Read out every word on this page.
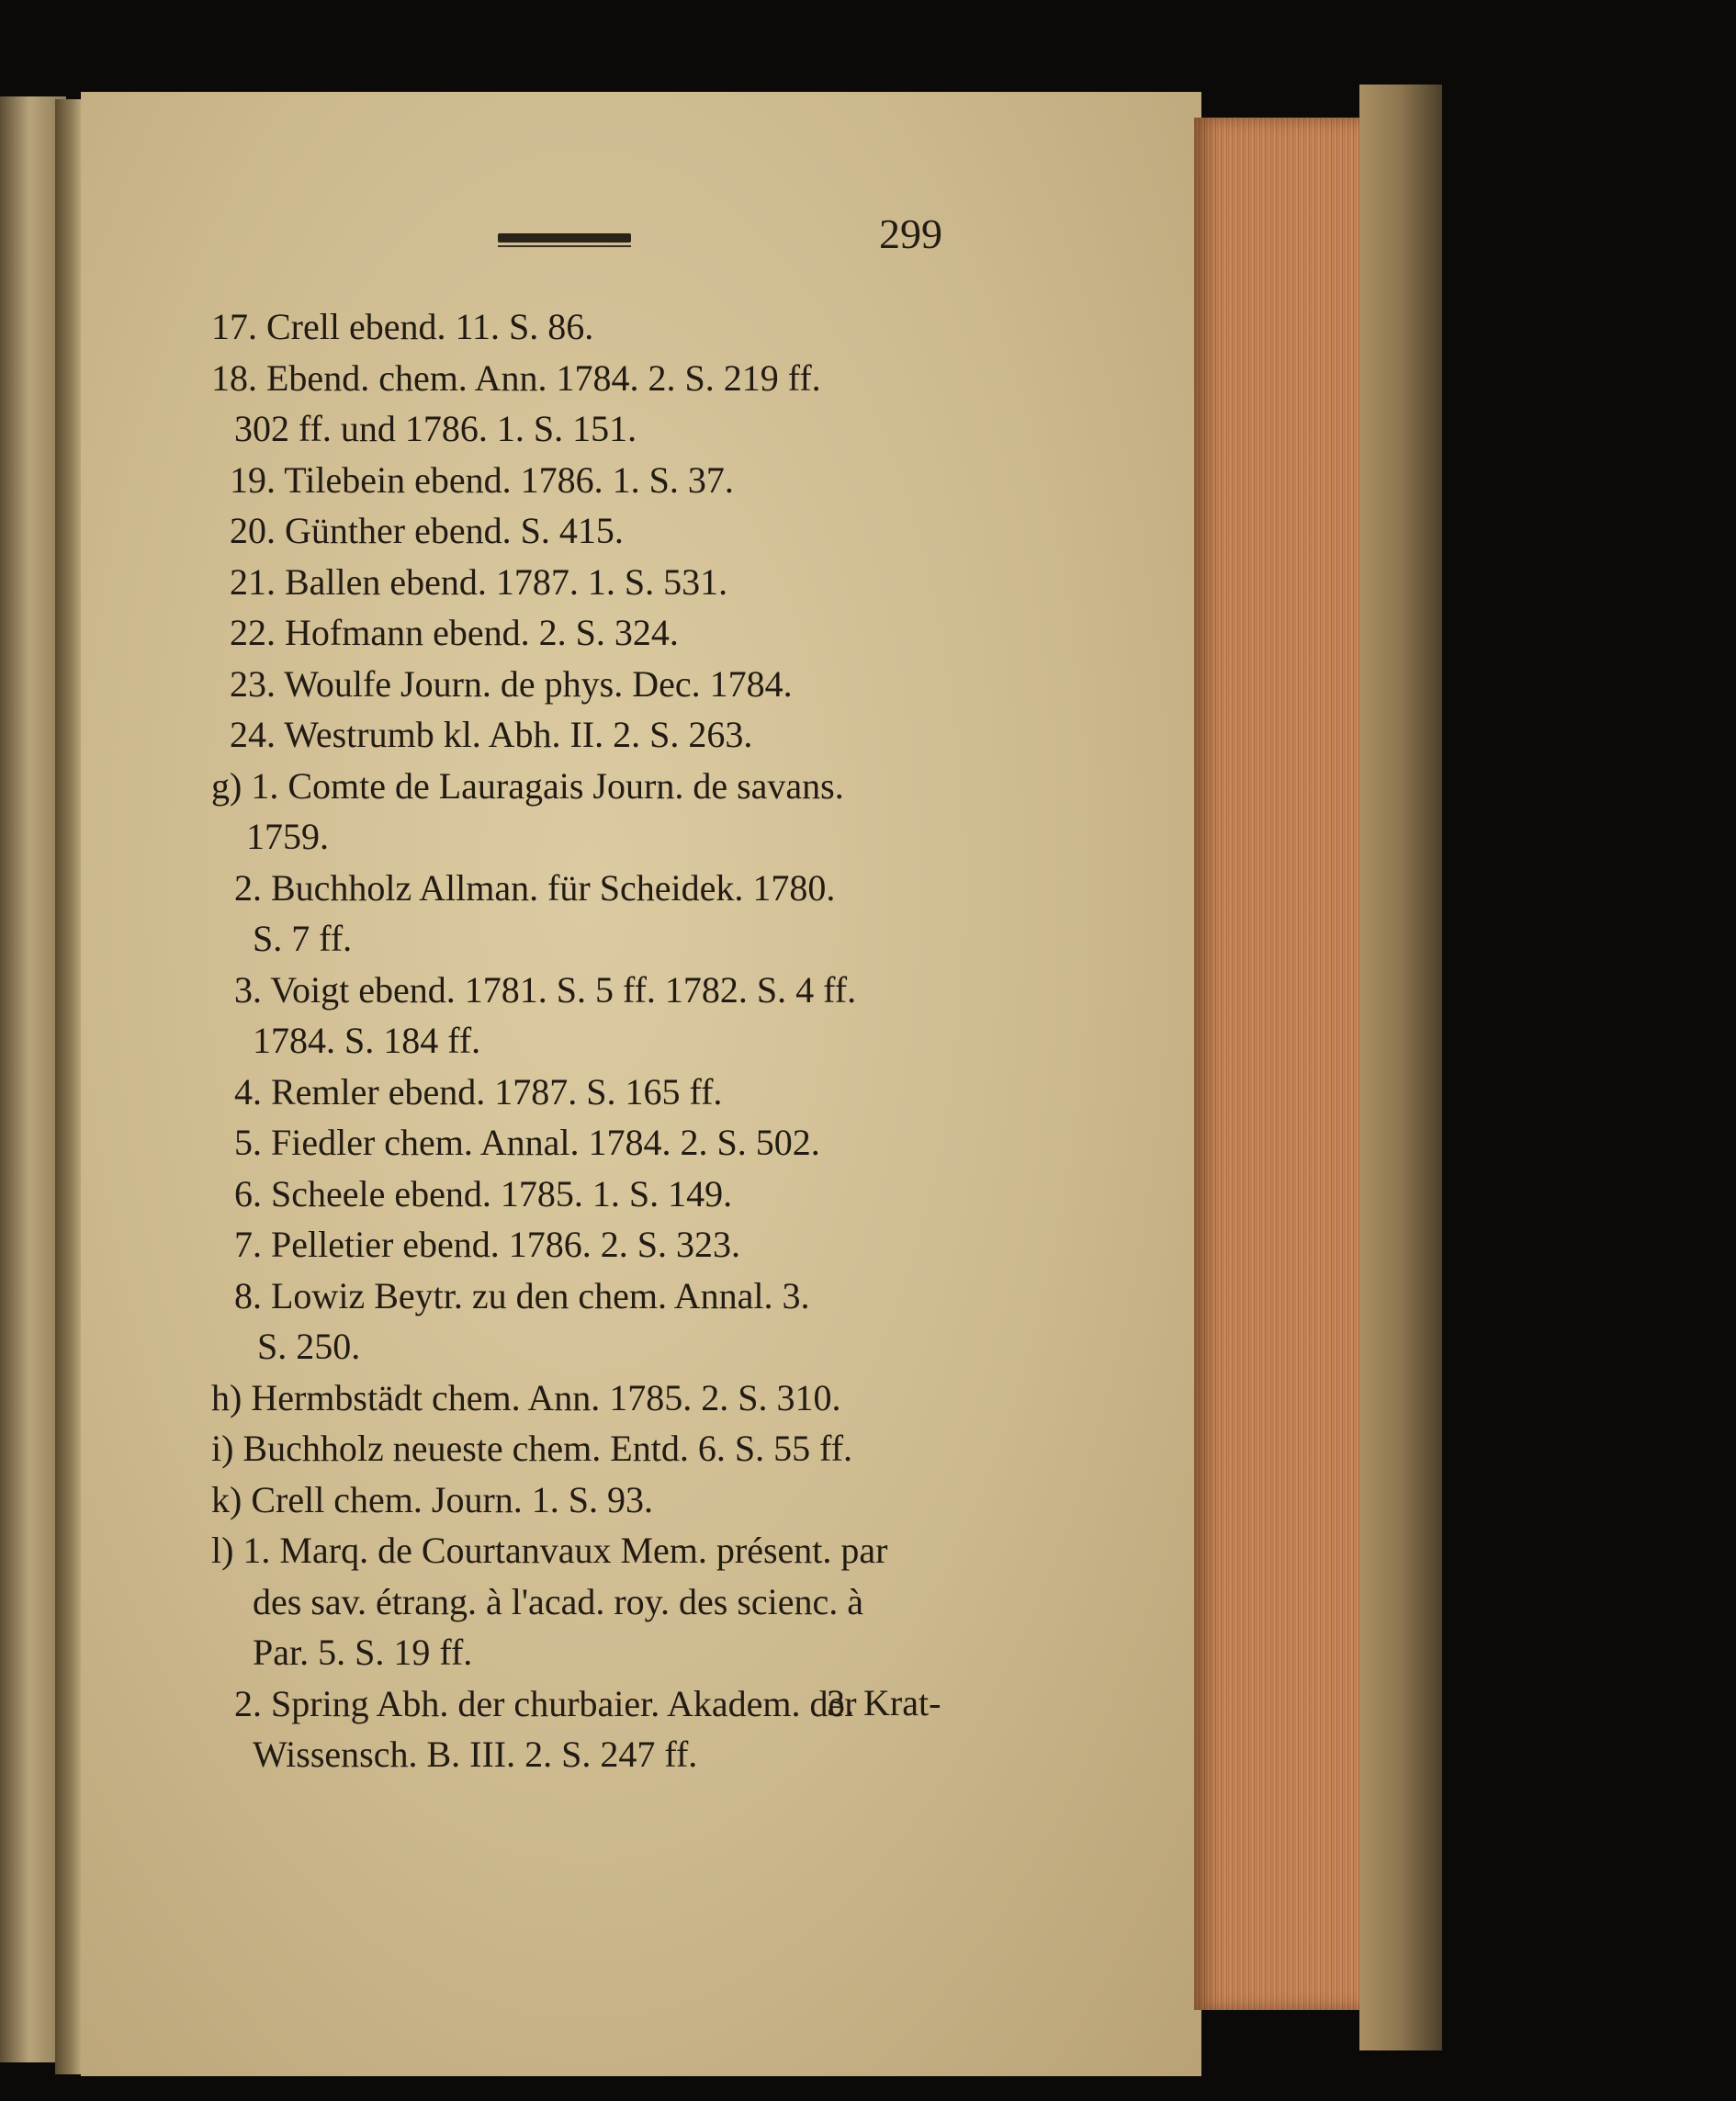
299
17. Crell ebend. 11. S. 86.
18. Ebend. chem. Ann. 1784. 2. S. 219 ff.
302 ff. und 1786. 1. S. 151.
19. Tilebein ebend. 1786. 1. S. 37.
20. Günther ebend. S. 415.
21. Ballen ebend. 1787. 1. S. 531.
22. Hofmann ebend. 2. S. 324.
23. Woulfe Journ. de phys. Dec. 1784.
24. Westrumb kl. Abh. II. 2. S. 263.
g) 1. Comte de Lauragais Journ. de savans.
1759.
2. Buchholz Allman. für Scheidek. 1780.
S. 7 ff.
3. Voigt ebend. 1781. S. 5 ff. 1782. S. 4 ff.
1784. S. 184 ff.
4. Remler ebend. 1787. S. 165 ff.
5. Fiedler chem. Annal. 1784. 2. S. 502.
6. Scheele ebend. 1785. 1. S. 149.
7. Pelletier ebend. 1786. 2. S. 323.
8. Lowiz Beytr. zu den chem. Annal. 3.
S. 250.
h) Hermbstädt chem. Ann. 1785. 2. S. 310.
i) Buchholz neueste chem. Entd. 6. S. 55 ff.
k) Crell chem. Journ. 1. S. 93.
l) 1. Marq. de Courtanvaux Mem. présent. par
des sav. étrang. à l'acad. roy. des scienc. à
Par. 5. S. 19 ff.
2. Spring Abh. der churbaier. Akadem. der
Wissensch. B. III. 2. S. 247 ff.
3. Krat-
